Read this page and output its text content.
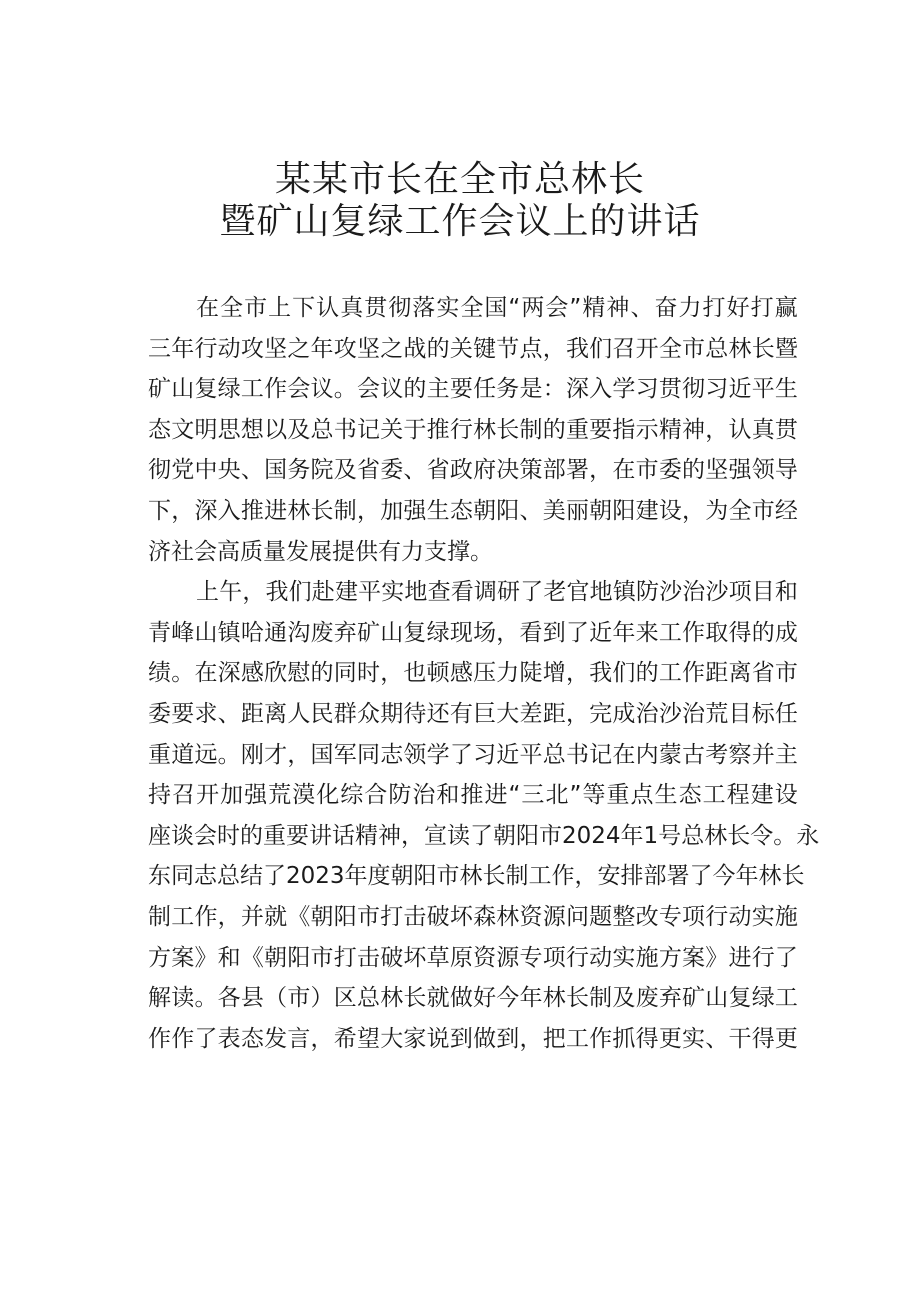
某某市长在全市总林长
暨矿山复绿工作会议上的讲话
在 全 市 上 下 认 真 贯 彻 落 实 全 国 “ 两 会 ” 精 神 、 奋 力 打 好 打 赢
三 年 行 动 攻 坚 之 年 攻 坚 之 战 的 关 键 节 点 ， 我 们 召 开 全 市 总 林 长 暨
矿 山 复 绿 工 作 会 议 。 会 议 的 主 要 任 务 是 ： 深 入 学 习 贯 彻 习 近 平 生
态 文 明 思 想 以 及 总 书 记 关 于 推 行 林 长 制 的 重 要 指 示 精 神 ， 认 真 贯
彻 党 中 央 、 国 务 院 及 省 委 、 省 政 府 决 策 部 署 ， 在 市 委 的 坚 强 领 导
下 ， 深 入 推 进 林 长 制 ， 加 强 生 态 朝 阳 、 美 丽 朝 阳 建 设 ， 为 全 市 经
济社会高质量发展提供有力支撑。
上 午 ， 我 们 赴 建 平 实 地 查 看 调 研 了 老 官 地 镇 防 沙 治 沙 项 目 和
青 峰 山 镇 哈 通 沟 废 弃 矿 山 复 绿 现 场 ， 看 到 了 近 年 来 工 作 取 得 的 成
绩 。 在 深 感 欣 慰 的 同 时 ， 也 顿 感 压 力 陡 增 ， 我 们 的 工 作 距 离 省 市
委 要 求 、 距 离 人 民 群 众 期 待 还 有 巨 大 差 距 ， 完 成 治 沙 治 荒 目 标 任
重 道 远 。 刚 才 ， 国 军 同 志 领 学 了 习 近 平 总 书 记 在 内 蒙 古 考 察 并 主
持 召 开 加 强 荒 漠 化 综 合 防 治 和 推 进 “ 三 北 ” 等 重 点 生 态 工 程 建 设
座 谈 会 时 的 重 要 讲 话 精 神 ， 宣 读 了 朝 阳 市 2024 年 1 号 总 林 长 令 。 永
东 同 志 总 结 了 2023 年 度 朝 阳 市 林 长 制 工 作 ， 安 排 部 署 了 今 年 林 长
制 工 作 ， 并 就 《 朝 阳 市 打 击 破 坏 森 林 资 源 问 题 整 改 专 项 行 动 实 施
方 案 》 和 《 朝 阳 市 打 击 破 坏 草 原 资 源 专 项 行 动 实 施 方 案 》 进 行 了
解 读 。 各 县 （ 市 ） 区 总 林 长 就 做 好 今 年 林 长 制 及 废 弃 矿 山 复 绿 工
作 作 了 表 态 发 言 ， 希 望 大 家 说 到 做 到 ， 把 工 作 抓 得 更 实 、 干 得 更
